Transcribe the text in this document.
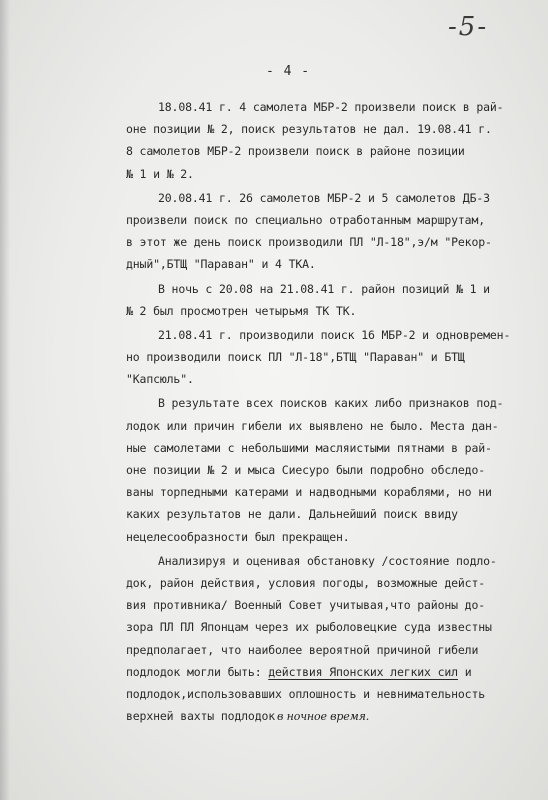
-5-
- 4 -
18.08.41 г. 4 самолета МБР-2 произвели поиск в рай-
оне позиции № 2, поиск результатов не дал. 19.08.41 г.
8 самолетов МБР-2 произвели поиск в районе позиции
№ 1 и № 2.
20.08.41 г. 26 самолетов МБР-2 и 5 самолетов ДБ-3
произвели поиск по специально отработанным маршрутам,
в этот же день поиск производили ПЛ "Л-18",э/м "Рекор-
дный",БТЩ "Параван" и 4 ТКА.
В ночь с 20.08 на 21.08.41 г. район позиций № 1 и
№ 2 был просмотрен четырьмя ТК ТК.
21.08.41 г. производили поиск 16 МБР-2 и одновремен-
но производили поиск ПЛ "Л-18",БТЩ "Параван" и БТЩ
"Капсюль".
В результате всех поисков каких либо признаков под-
лодок или причин гибели их выявлено не было. Места дан-
ные самолетами с небольшими масляистыми пятнами в рай-
оне позиции № 2 и мыса Сиесуро были подробно обследо-
ваны торпедными катерами и надводными кораблями, но ни
каких результатов не дали. Дальнейший поиск ввиду
нецелесообразности был прекращен.
Анализируя и оценивая обстановку /состояние подло-
док, район действия, условия погоды, возможные дейст-
вия противника/ Военный Совет учитывая,что районы до-
зора ПЛ ПЛ Японцам через их рыболовецкие суда известны
предполагает, что наиболее вероятной причиной гибели
подлодок могли быть: действия Японских легких сил и
подлодок,использовавших оплошность и невнимательность
верхней вахты подлодок в ночное время.
